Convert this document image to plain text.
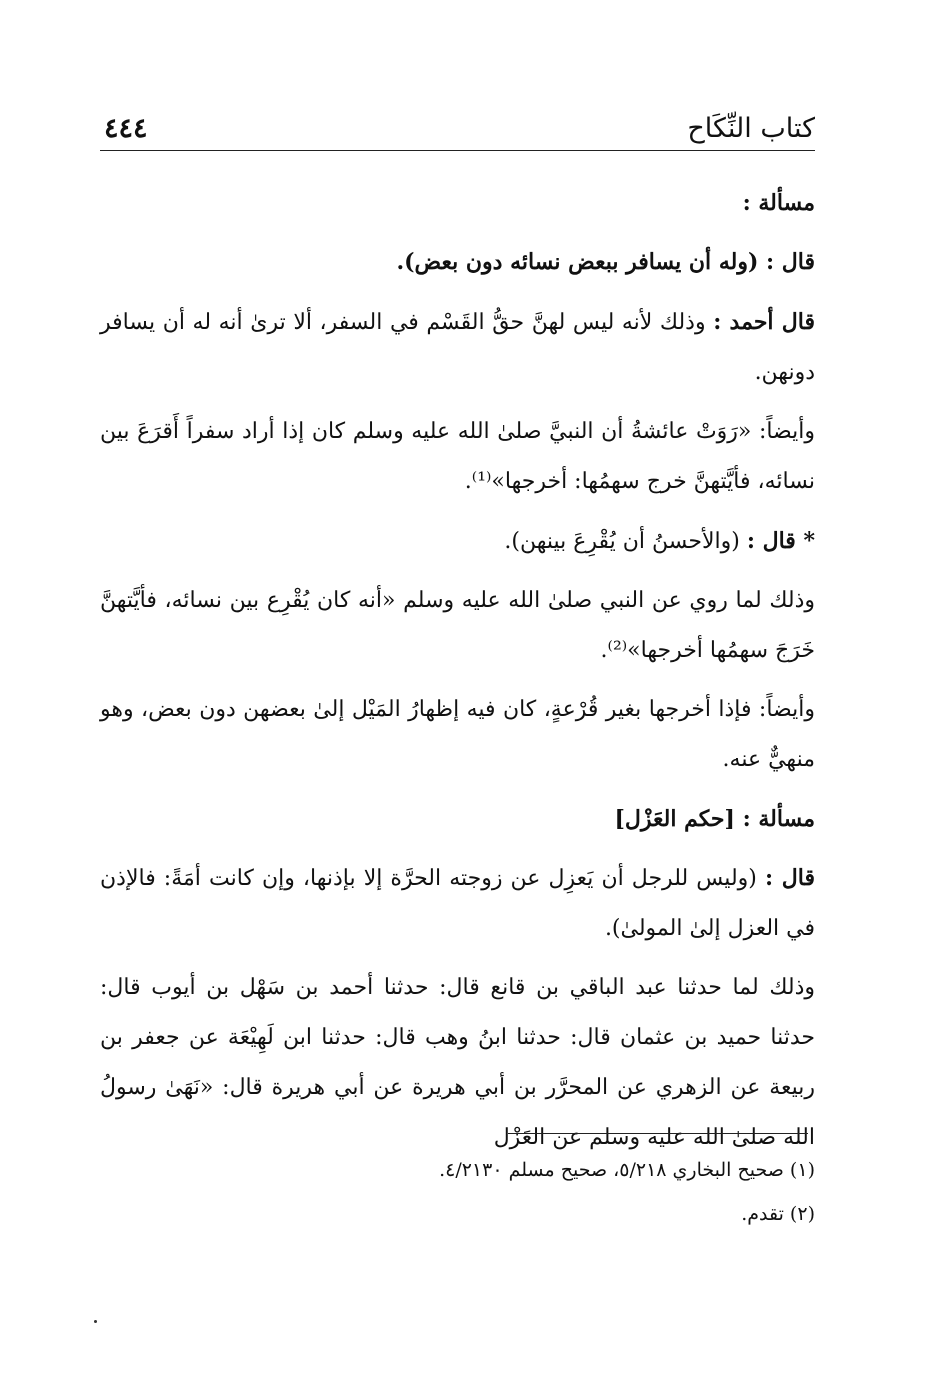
٤٤٤	كتاب النِّكَاح

مسألة :

قال : (وله أن يسافر ببعض نسائه دون بعض).

قال أحمد : وذلك لأنه ليس لهنَّ حقُّ القَسْم في السفر، ألا ترىٰ أنه له أن يسافر دونهن.

وأيضاً: «رَوَتْ عائشةُ أن النبيَّ صلىٰ الله عليه وسلم كان إذا أراد سفراً أَقرَعَ بين نسائه، فأيَّتهنَّ خرج سهمُها: أخرجها»⁽¹⁾.

* قال : (والأحسنُ أن يُقْرِعَ بينهن).

وذلك لما روي عن النبي صلىٰ الله عليه وسلم «أنه كان يُقْرِع بين نسائه، فأيَّتهنَّ خَرَجَ سهمُها أخرجها»⁽²⁾.

وأيضاً: فإذا أخرجها بغير قُرْعةٍ، كان فيه إظهارُ المَيْل إلىٰ بعضهن دون بعض، وهو منهيٌّ عنه.

مسألة : [حكم العَزْل]

قال : (وليس للرجل أن يَعزِل عن زوجته الحرَّة إلا بإذنها، وإن كانت أمَةً: فالإذن في العزل إلىٰ المولىٰ).

وذلك لما حدثنا عبد الباقي بن قانع قال: حدثنا أحمد بن سَهْل بن أيوب قال: حدثنا حميد بن عثمان قال: حدثنا ابنُ وهب قال: حدثنا ابن لَهِيْعَة عن جعفر بن ربيعة عن الزهري عن المحرَّر بن أبي هريرة عن أبي هريرة قال: «نَهَىٰ رسولُ الله صلىٰ الله عليه وسلم عن العَزْل

(١) صحيح البخاري ٥/٢١٨، صحيح مسلم ٤/٢١٣٠.

(٢) تقدم.
